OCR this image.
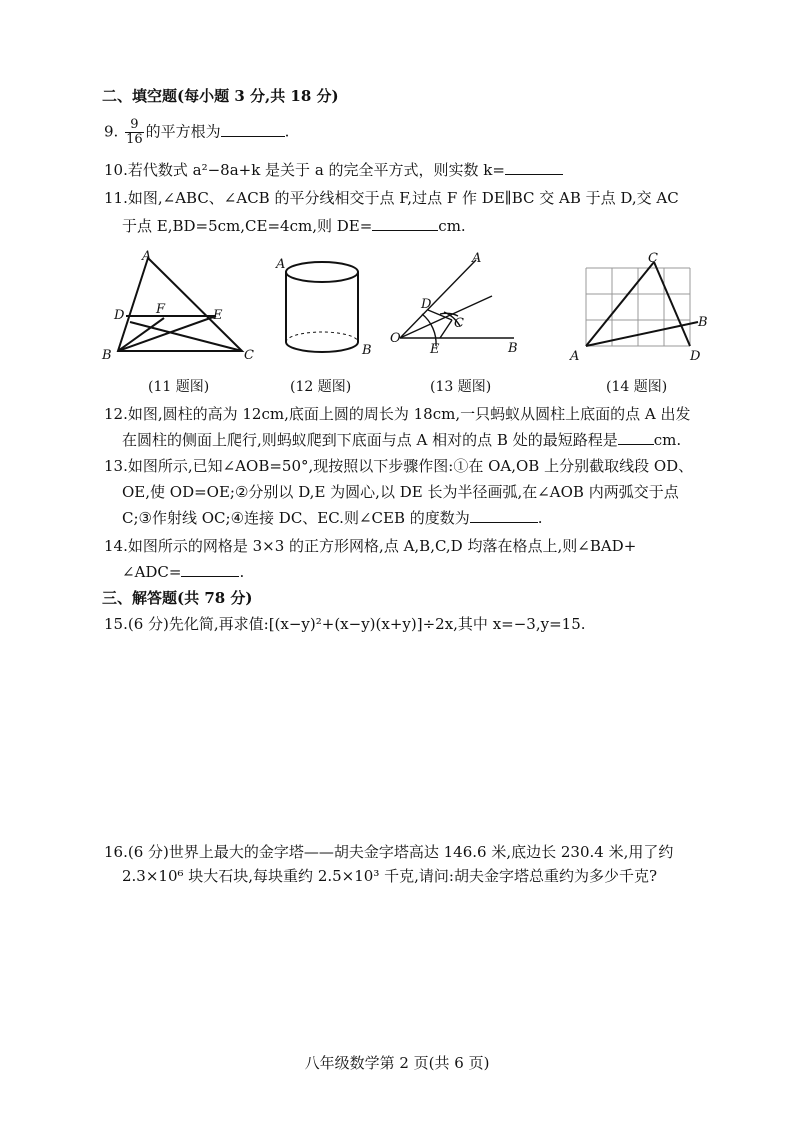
二、填空题(每小题 3 分,共 18 分)
9. $\frac{9}{16}$ 的平方根为	.
10.若代数式 a²−8a+k 是关于 a 的完全平方式，则实数 k=
11.如图,∠ABC、∠ACB 的平分线相交于点 F,过点 F 作 DE∥BC 交 AB 于点 D,交 AC
于点 E,BD=5cm,CE=4cm,则 DE=	cm.
A
B	C
D	E
F
A
B
A
B
C
D
E
O
A
B
C
D
(11 题图)	(12 题图)	(13 题图)	(14 题图)
12.如图,圆柱的高为 12cm,底面上圆的周长为 18cm,一只蚂蚁从圆柱上底面的点 A 出发
在圆柱的侧面上爬行,则蚂蚁爬到下底面与点 A 相对的点 B 处的最短路程是 cm.
13.如图所示,已知∠AOB=50°,现按照以下步骤作图:①在 OA,OB 上分别截取线段 OD、
OE,使 OD=OE;②分别以 D,E 为圆心,以 DE 长为半径画弧,在∠AOB 内两弧交于点
C;③作射线 OC;④连接 DC、EC.则∠CEB 的度数为	.
14.如图所示的网格是 3×3 的正方形网格,点 A,B,C,D 均落在格点上,则∠BAD+
∠ADC=	.
三、解答题(共 78 分)
15.(6 分)先化简,再求值:[(x−y)²+(x−y)(x+y)]÷2x,其中 x=−3,y=15.
16.(6 分)世界上最大的金字塔——胡夫金字塔高达 146.6 米,底边长 230.4 米,用了约
2.3×10⁶ 块大石块,每块重约 2.5×10³ 千克,请问:胡夫金字塔总重约为多少千克?
八年级数学第 2 页(共 6 页)
